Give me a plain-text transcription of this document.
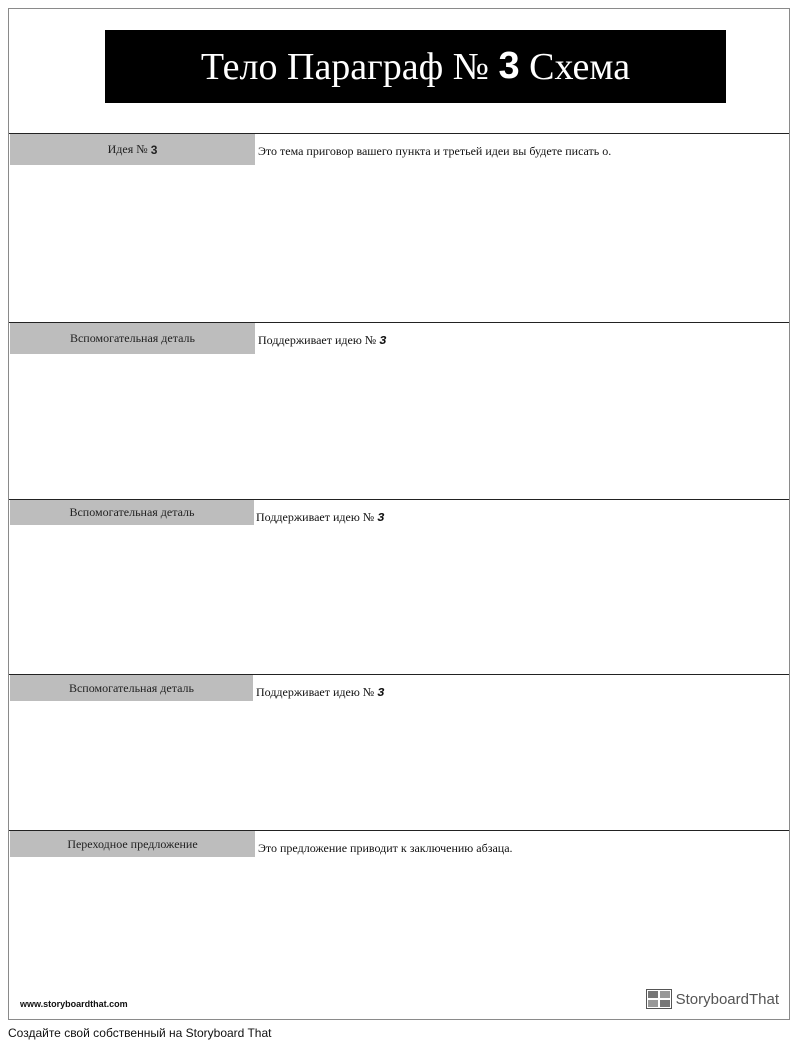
Тело Параграф №
3
Схема
Идея № 3	Это тема приговор вашего пункта и третьей идеи вы будете писать о.
Вспомогательная деталь	Поддерживает идею № 3
Вспомогательная деталь	Поддерживает идею № 3
Вспомогательная деталь	Поддерживает идею № 3
Переходное предложение	Это предложение приводит к заключению абзаца.
www.storyboardthat.com	StoryboardThat
Создайте свой собственный на Storyboard That
